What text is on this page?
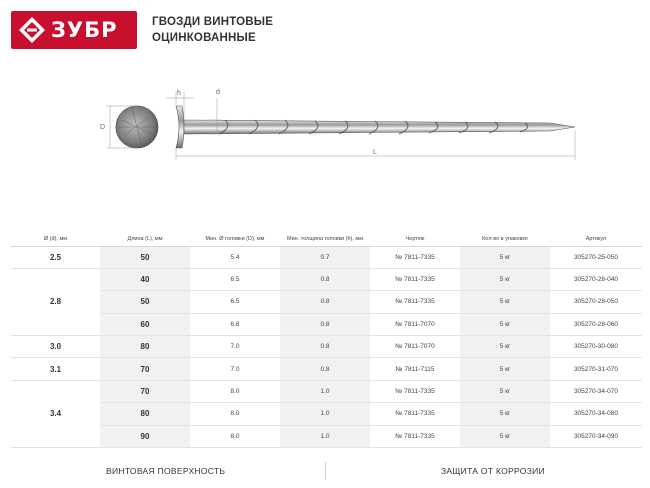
ЗУБР	ГВОЗДИ ВИНТОВЫЕ
ОЦИНКОВАННЫЕ
D
h	d
L
Ø (d), мм	Длина (L), мм	Мин. Ø головки (D), мм	Мин. толщина головки (h), мм	Чертеж	Кол-во в упаковке	Артикул
2.5	50	5.4	0.7	№ 7811-7335	5 кг	305270-25-050
2.8	40	6.5	0.8	№ 7811-7335	5 кг	305270-28-040
	50	6.5	0.8	№ 7811-7335	5 кг	305270-28-050
	60	6.8	0.8	№ 7811-7070	5 кг	305270-28-060
3.0	80	7.0	0.8	№ 7811-7070	5 кг	305270-30-080
3.1	70	7.0	0.8	№ 7811-7115	5 кг	305270-31-070
3.4	70	8.0	1.0	№ 7811-7335	5 кг	305270-34-070
	80	8.0	1.0	№ 7811-7335	5 кг	305270-34-080
	90	8.0	1.0	№ 7811-7335	5 кг	305270-34-090
ВИНТОВАЯ ПОВЕРХНОСТЬ	ЗАЩИТА ОТ КОРРОЗИИ
